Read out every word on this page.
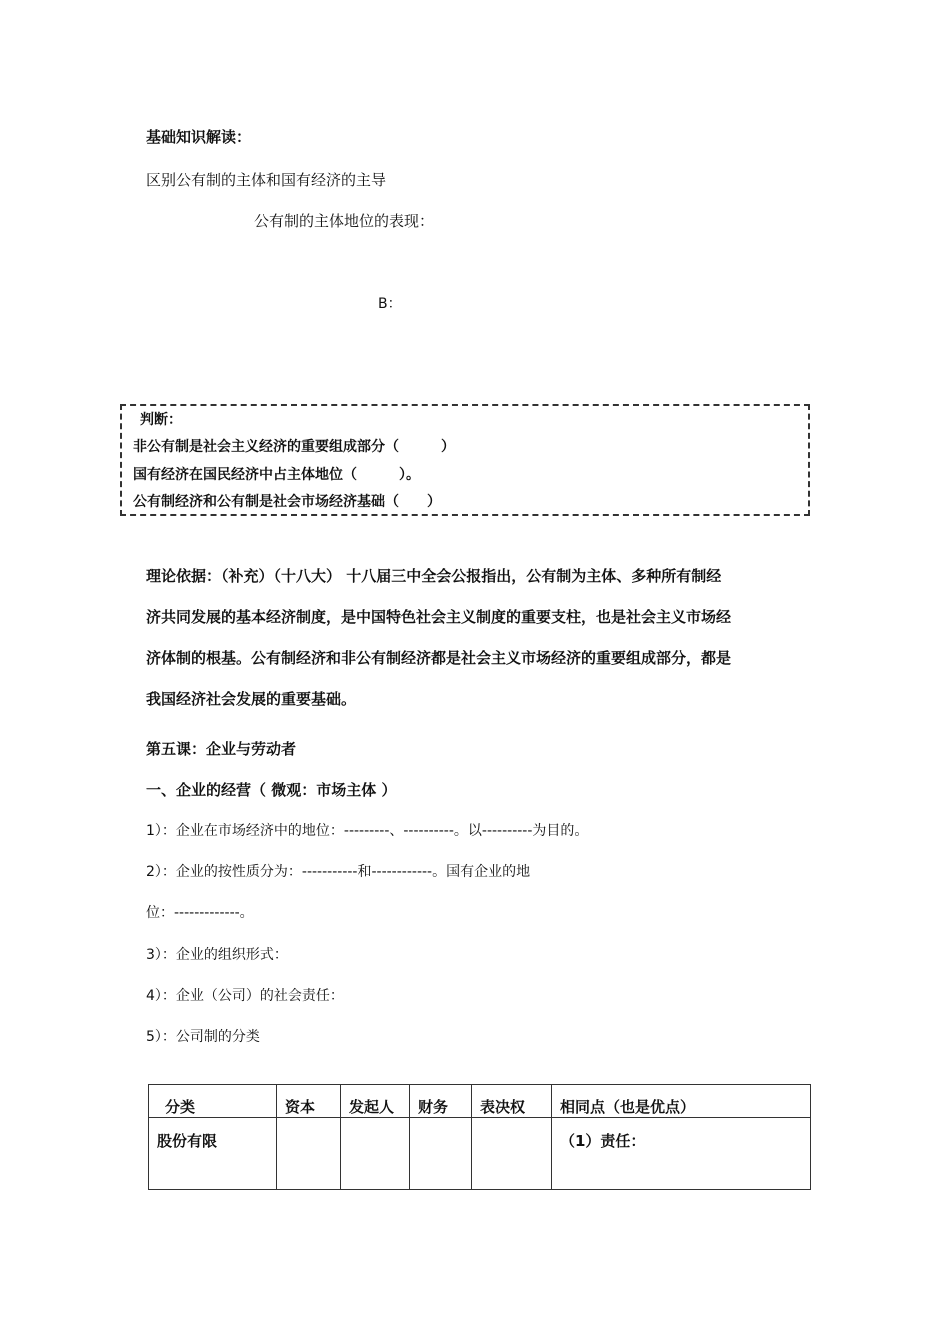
基础知识解读：
区别公有制的主体和国有经济的主导
公有制的主体地位的表现：
B：
判断：
非公有制是社会主义经济的重要组成部分（　　　）
国有经济在国民经济中占主体地位（　　　）。
公有制经济和公有制是社会市场经济基础（　　）

理论依据：（补充）（十八大） 十八届三中全会公报指出，公有制为主体、多种所有制经

济共同发展的基本经济制度，是中国特色社会主义制度的重要支柱，也是社会主义市场经

济体制的根基。公有制经济和非公有制经济都是社会主义市场经济的重要组成部分，都是

我国经济社会发展的重要基础。

第五课：企业与劳动者
一、企业的经营（ 微观：市场主体 ）
1）：企业在市场经济中的地位：---------、----------。以----------为目的。
2）：企业的按性质分为：-----------和------------。国有企业的地
位：-------------。
3）：企业的组织形式：
4）：企业（公司）的社会责任：
5）：公司制的分类
分类	资本	发起人	财务	表决权	相同点（也是优点）
股份有限					（1）责任：
